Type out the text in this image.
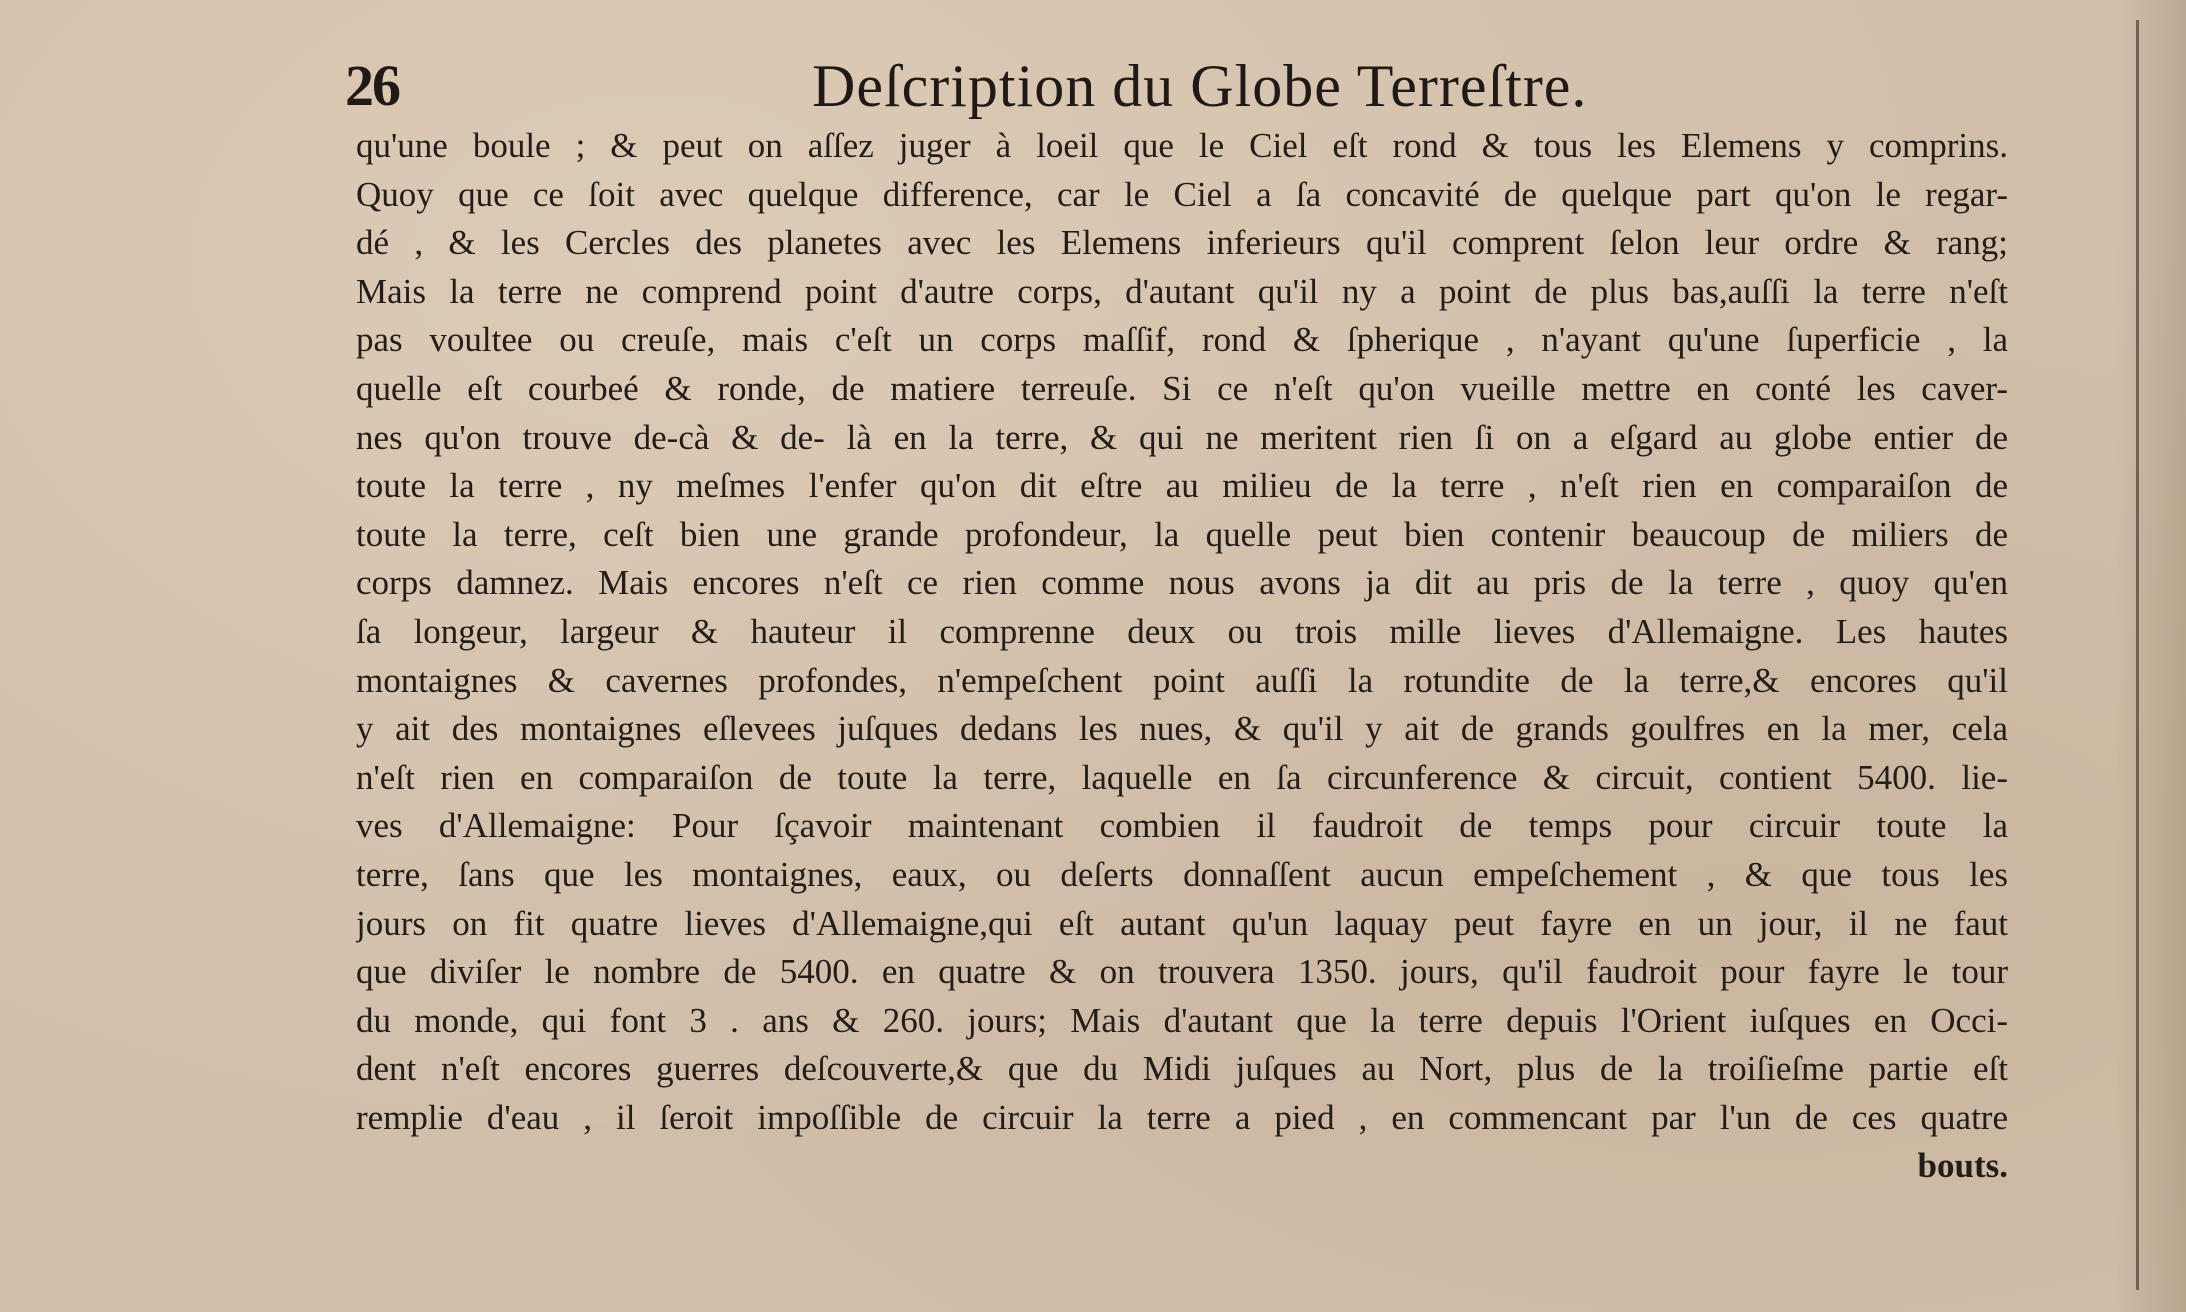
26	Deſcription du Globe Terreſtre.
qu'une boule ; & peut on aſſez juger à loeil que le Ciel eſt rond & tous les Elemens y comprins.
Quoy que ce ſoit avec quelque difference, car le Ciel a ſa concavité de quelque part qu'on le regar-
dé , & les Cercles des planetes avec les Elemens inferieurs qu'il comprent ſelon leur ordre & rang;
Mais la terre ne comprend point d'autre corps, d'autant qu'il ny a point de plus bas,auſſi la terre n'eſt
pas voultee ou creuſe, mais c'eſt un corps maſſif, rond & ſpherique , n'ayant qu'une ſuperficie , la
quelle eſt courbeé & ronde, de matiere terreuſe. Si ce n'eſt qu'on vueille mettre en conté les caver-
nes qu'on trouve de-cà & de- là en la terre, & qui ne meritent rien ſi on a eſgard au globe entier de
toute la terre , ny meſmes l'enfer qu'on dit eſtre au milieu de la terre , n'eſt rien en comparaiſon de
toute la terre, ceſt bien une grande profondeur, la quelle peut bien contenir beaucoup de miliers de
corps damnez. Mais encores n'eſt ce rien comme nous avons ja dit au pris de la terre , quoy qu'en
ſa longeur, largeur & hauteur il comprenne deux ou trois mille lieves d'Allemaigne. Les hautes
montaignes & cavernes profondes, n'empeſchent point auſſi la rotundite de la terre,& encores qu'il
y ait des montaignes eſlevees juſques dedans les nues, & qu'il y ait de grands goulfres en la mer, cela
n'eſt rien en comparaiſon de toute la terre, laquelle en ſa circunference & circuit, contient 5400. lie-
ves d'Allemaigne: Pour ſçavoir maintenant combien il faudroit de temps pour circuir toute la
terre, ſans que les montaignes, eaux, ou deſerts donnaſſent aucun empeſchement , & que tous les
jours on fit quatre lieves d'Allemaigne,qui eſt autant qu'un laquay peut fayre en un jour, il ne faut
que diviſer le nombre de 5400. en quatre & on trouvera 1350. jours, qu'il faudroit pour fayre le tour
du monde, qui font 3 . ans & 260. jours; Mais d'autant que la terre depuis l'Orient iuſques en Occi-
dent n'eſt encores guerres deſcouverte,& que du Midi juſques au Nort, plus de la troiſieſme partie eſt
remplie d'eau , il ſeroit impoſſible de circuir la terre a pied , en commencant par l'un de ces quatre
bouts.
